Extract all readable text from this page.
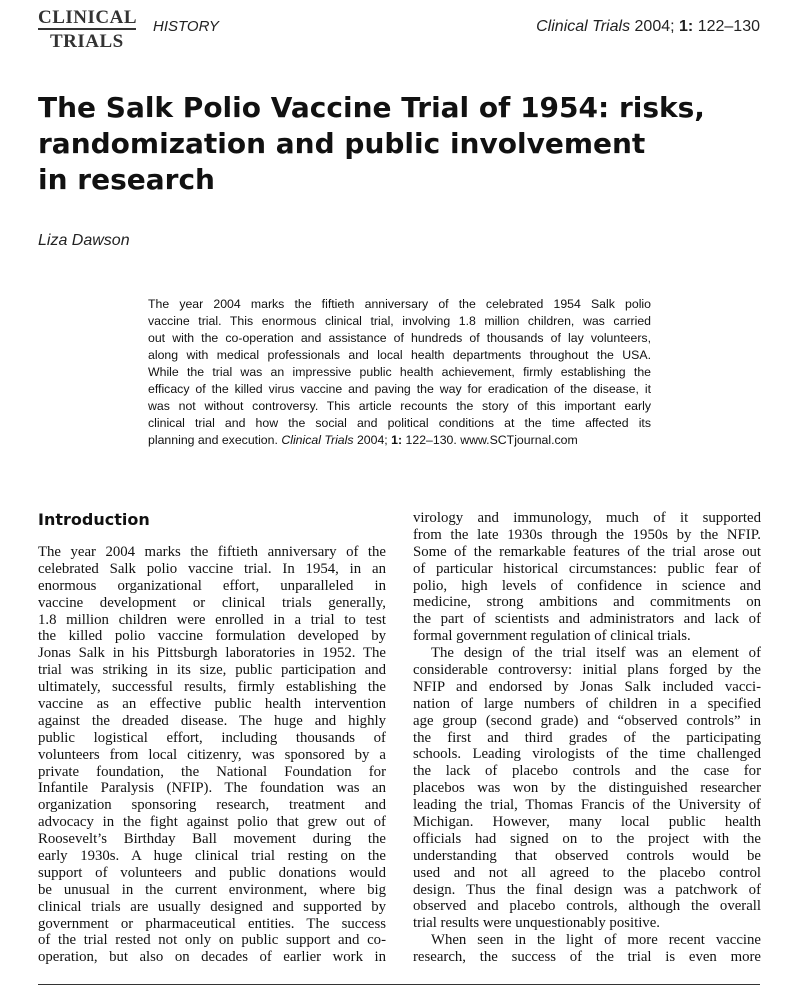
CLINICAL
TRIALS
HISTORY	Clinical Trials 2004; 1: 122–130
The Salk Polio Vaccine Trial of 1954: risks,
randomization and public involvement
in research
Liza Dawson
The year 2004 marks the fiftieth anniversary of the celebrated 1954 Salk polio
vaccine trial. This enormous clinical trial, involving 1.8 million children, was carried
out with the co-operation and assistance of hundreds of thousands of lay volunteers,
along with medical professionals and local health departments throughout the USA.
While the trial was an impressive public health achievement, firmly establishing the
efficacy of the killed virus vaccine and paving the way for eradication of the disease, it
was not without controversy. This article recounts the story of this important early
clinical trial and how the social and political conditions at the time affected its
planning and execution. Clinical Trials 2004; 1: 122–130. www.SCTjournal.com
Introduction
The year 2004 marks the fiftieth anniversary of the
celebrated Salk polio vaccine trial. In 1954, in an
enormous organizational effort, unparalleled in
vaccine development or clinical trials generally,
1.8 million children were enrolled in a trial to test
the killed polio vaccine formulation developed by
Jonas Salk in his Pittsburgh laboratories in 1952. The
trial was striking in its size, public participation and
ultimately, successful results, firmly establishing the
vaccine as an effective public health intervention
against the dreaded disease. The huge and highly
public logistical effort, including thousands of
volunteers from local citizenry, was sponsored by a
private foundation, the National Foundation for
Infantile Paralysis (NFIP). The foundation was an
organization sponsoring research, treatment and
advocacy in the fight against polio that grew out of
Roosevelt’s Birthday Ball movement during the
early 1930s. A huge clinical trial resting on the
support of volunteers and public donations would
be unusual in the current environment, where big
clinical trials are usually designed and supported by
government or pharmaceutical entities. The success
of the trial rested not only on public support and co-
operation, but also on decades of earlier work in
virology and immunology, much of it supported
from the late 1930s through the 1950s by the NFIP.
Some of the remarkable features of the trial arose out
of particular historical circumstances: public fear of
polio, high levels of confidence in science and
medicine, strong ambitions and commitments on
the part of scientists and administrators and lack of
formal government regulation of clinical trials.
The design of the trial itself was an element of
considerable controversy: initial plans forged by the
NFIP and endorsed by Jonas Salk included vacci-
nation of large numbers of children in a specified
age group (second grade) and “observed controls” in
the first and third grades of the participating
schools. Leading virologists of the time challenged
the lack of placebo controls and the case for
placebos was won by the distinguished researcher
leading the trial, Thomas Francis of the University of
Michigan. However, many local public health
officials had signed on to the project with the
understanding that observed controls would be
used and not all agreed to the placebo control
design. Thus the final design was a patchwork of
observed and placebo controls, although the overall
trial results were unquestionably positive.
When seen in the light of more recent vaccine
research, the success of the trial is even more
